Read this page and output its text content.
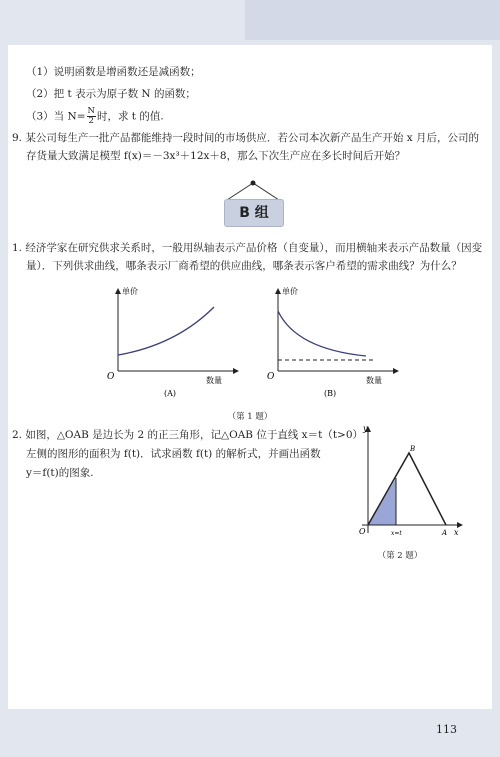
（1）说明函数是增函数还是减函数；
（2）把 t 表示为原子数 N 的函数；
（3）当 $N= \frac{N}{2}$ 时，求 t 的值.
9. 某公司每生产一批产品都能维持一段时间的市场供应．若公司本次新产品生产开始 x 月后，公司的
存货量大致满足模型 f(x)＝－3x³＋12x＋8，那么下次生产应在多长时间后开始？
B 组
1. 经济学家在研究供求关系时，一般用纵轴表示产品价格（自变量），而用横轴来表示产品数量（因变
量）．下列供求曲线，哪条表示厂商希望的供应曲线，哪条表示客户希望的需求曲线？为什么？
单价
O	数量
(A)
单价
O	数量
(B)
（第 1 题）
2. 如图，△OAB 是边长为 2 的正三角形，记△OAB 位于直线 x＝t（t>0）
左侧的图形的面积为 f(t)．试求函数 f(t) 的解析式，并画出函数
y＝f(t)的图象.
y
x
B
A
O	x=t
（第 2 题）
113
